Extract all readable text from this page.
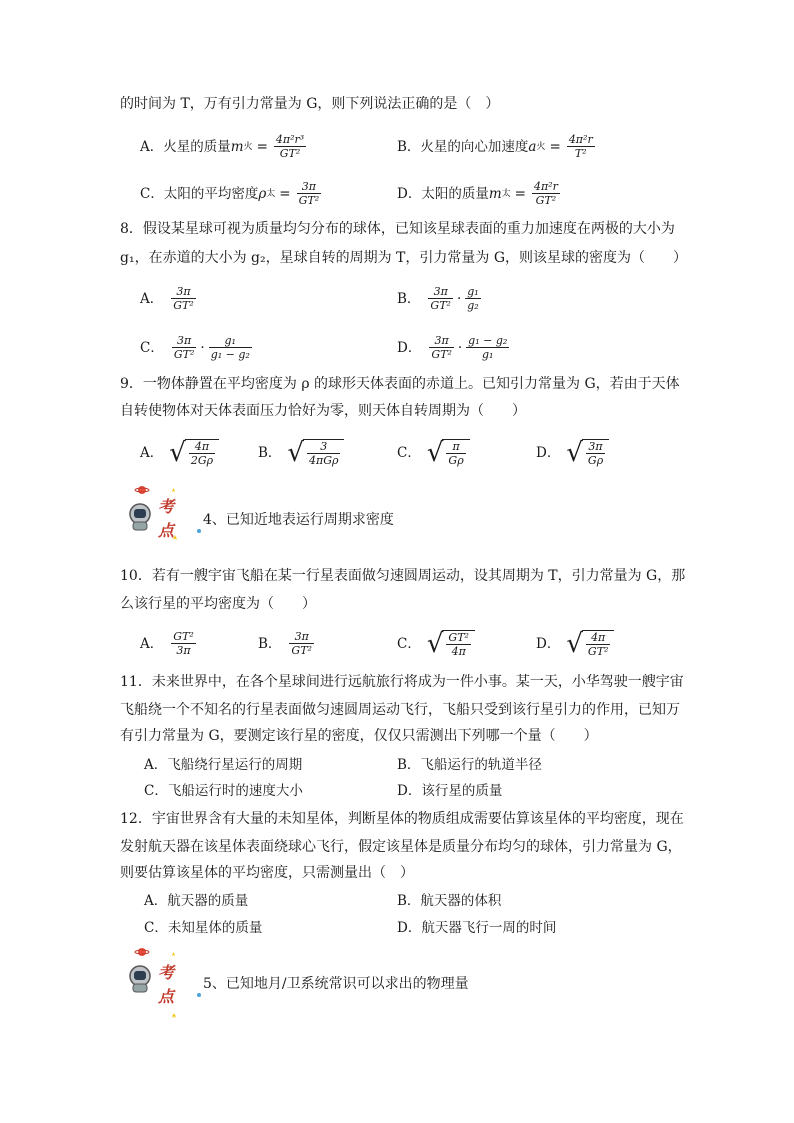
的时间为 T，万有引力常量为 G，则下列说法正确的是（　）
A．火星的质量 m 火 = $\frac{\text{4π²r³}}{\text{GT²}}$	B．火星的向心加速度 a 火 = $\frac{\text{4π²r}}{\text{T²}}$
C．太阳的平均密度 ρ 太 = $\frac{3\pi}{\text{GT²}}$	D．太阳的质量 m 太 = $\frac{\text{4π²r}}{\text{GT²}}$
8．假设某星球可视为质量均匀分布的球体，已知该星球表面的重力加速度在两极的大小为
g₁，在赤道的大小为 g₂，星球自转的周期为 T，引力常量为 G，则该星球的密度为（　　）
A． $\frac{3\pi}{\text{GT²}}$	B． $\frac{3\pi}{\text{GT²}} \cdot \frac{\text{g₁}}{\text{g₂}}$
C． $\frac{3\pi}{\text{GT²}} \cdot \frac{\text{g₁}}{\text{g₁ − g₂}}$	D． $\frac{3\pi}{\text{GT²}} \cdot \frac{\text{g₁ − g₂}}{\text{g₁}}$
9．一物体静置在平均密度为 ρ 的球形天体表面的赤道上。已知引力常量为 G，若由于天体
自转使物体对天体表面压力恰好为零，则天体自转周期为（　　）
A． √ $\frac{4\pi}{2G\rho}$	B． √ $\frac{3}{\text{4πGρ}}$	C． √ $\frac{\pi}{G\rho}$	D． √ $\frac{3\pi}{G\rho}$
考
点
4、已知近地表运行周期求密度
10．若有一艘宇宙飞船在某一行星表面做匀速圆周运动，设其周期为 T，引力常量为 G，那
么该行星的平均密度为（　　）
A． $\frac{\text{GT²}}{3\pi}$	B． $\frac{3\pi}{\text{GT²}}$	C． √ $\frac{\text{GT²}}{4\pi}$	D． √ $\frac{4\pi}{\text{GT²}}$
11．未来世界中，在各个星球间进行远航旅行将成为一件小事。某一天，小华驾驶一艘宇宙
飞船绕一个不知名的行星表面做匀速圆周运动飞行，飞船只受到该行星引力的作用，已知万
有引力常量为 G，要测定该行星的密度，仅仅只需测出下列哪一个量（　　）
A．飞船绕行星运行的周期	B．飞船运行的轨道半径
C．飞船运行时的速度大小	D．该行星的质量
12．宇宙世界含有大量的未知星体，判断星体的物质组成需要估算该星体的平均密度，现在
发射航天器在该星体表面绕球心飞行，假定该星体是质量分布均匀的球体，引力常量为 G，
则要估算该星体的平均密度，只需测量出（　）
A．航天器的质量	B．航天器的体积
C．未知星体的质量	D．航天器飞行一周的时间
考
点
5、已知地月/卫系统常识可以求出的物理量
